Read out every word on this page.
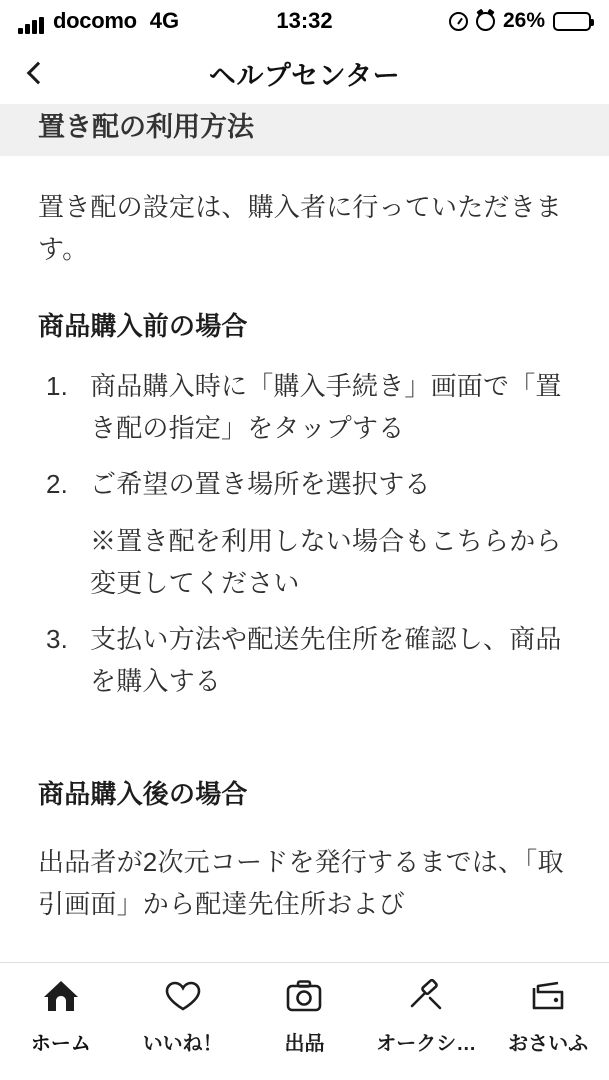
docomo 4G	13:32	26%
ヘルプセンター
置き配の利用方法

置き配の設定は、購入者に行っていただきます。

商品購入前の場合
1. 商品購入時に「購入手続き」画面で「置き配の指定」をタップする
2. ご希望の置き場所を選択する
※置き配を利用しない場合もこちらから変更してください
3. 支払い方法や配送先住所を確認し、商品を購入する
商品購入後の場合

出品者が2次元コードを発行するまでは、「取引画面」から配達先住所および

ホーム	いいね！	出品	オークシ… おさいふ
